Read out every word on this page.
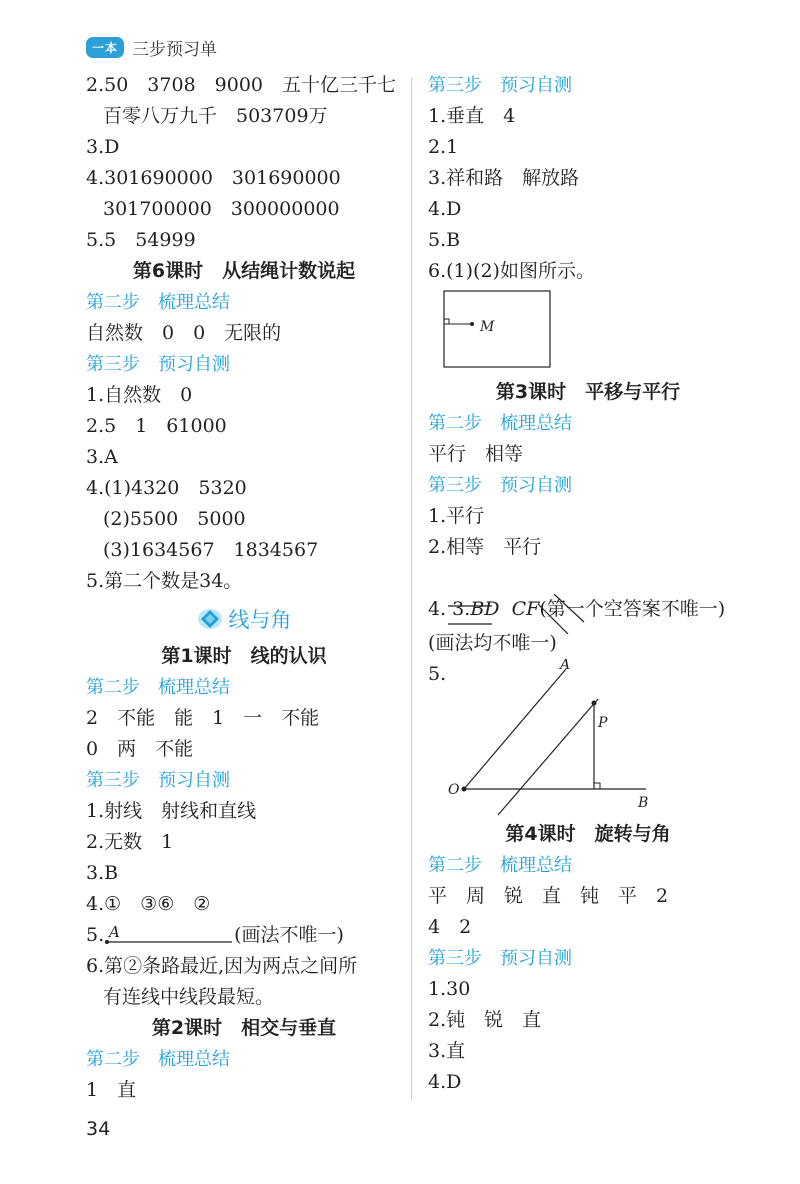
一本 三步预习单
2.50　3708　9000　五十亿三千七
百零八万九千　503709万
3.D
4.301690000　301690000
301700000　300000000
5.5　54999
第6课时　从结绳计数说起
第二步　梳理总结
自然数　0　0　无限的
第三步　预习自测
1.自然数　0
2.5　1　61000
3.A
4.(1)4320　5320
(2)5500　5000
(3)1634567　1834567
5.第二个数是34。
线与角
第1课时　线的认识
第二步　梳理总结
2　不能　能　1　一　不能
0　两　不能
第三步　预习自测
1.射线　射线和直线
2.无数　1
3.B
4.①　③⑥　②
5. A	(画法不唯一)
6.第②条路最近,因为两点之间所
有连线中线段最短。
第2课时　相交与垂直
第二步　梳理总结
1　直
第三步　预习自测
1.垂直　4
2.1
3.祥和路　解放路
4.D
5.B
6.(1)(2)如图所示。
M
第3课时　平移与平行
第二步　梳理总结
平行　相等
第三步　预习自测
1.平行
2.相等　平行

3.BD CF(第一个空答案不唯一)

4.
(画法均不唯一)
5.	A
P
O
B
第4课时　旋转与角
第二步　梳理总结
平　周　锐　直　钝　平　2
4　2
第三步　预习自测
1.30
2.钝　锐　直
3.直
4.D
34
